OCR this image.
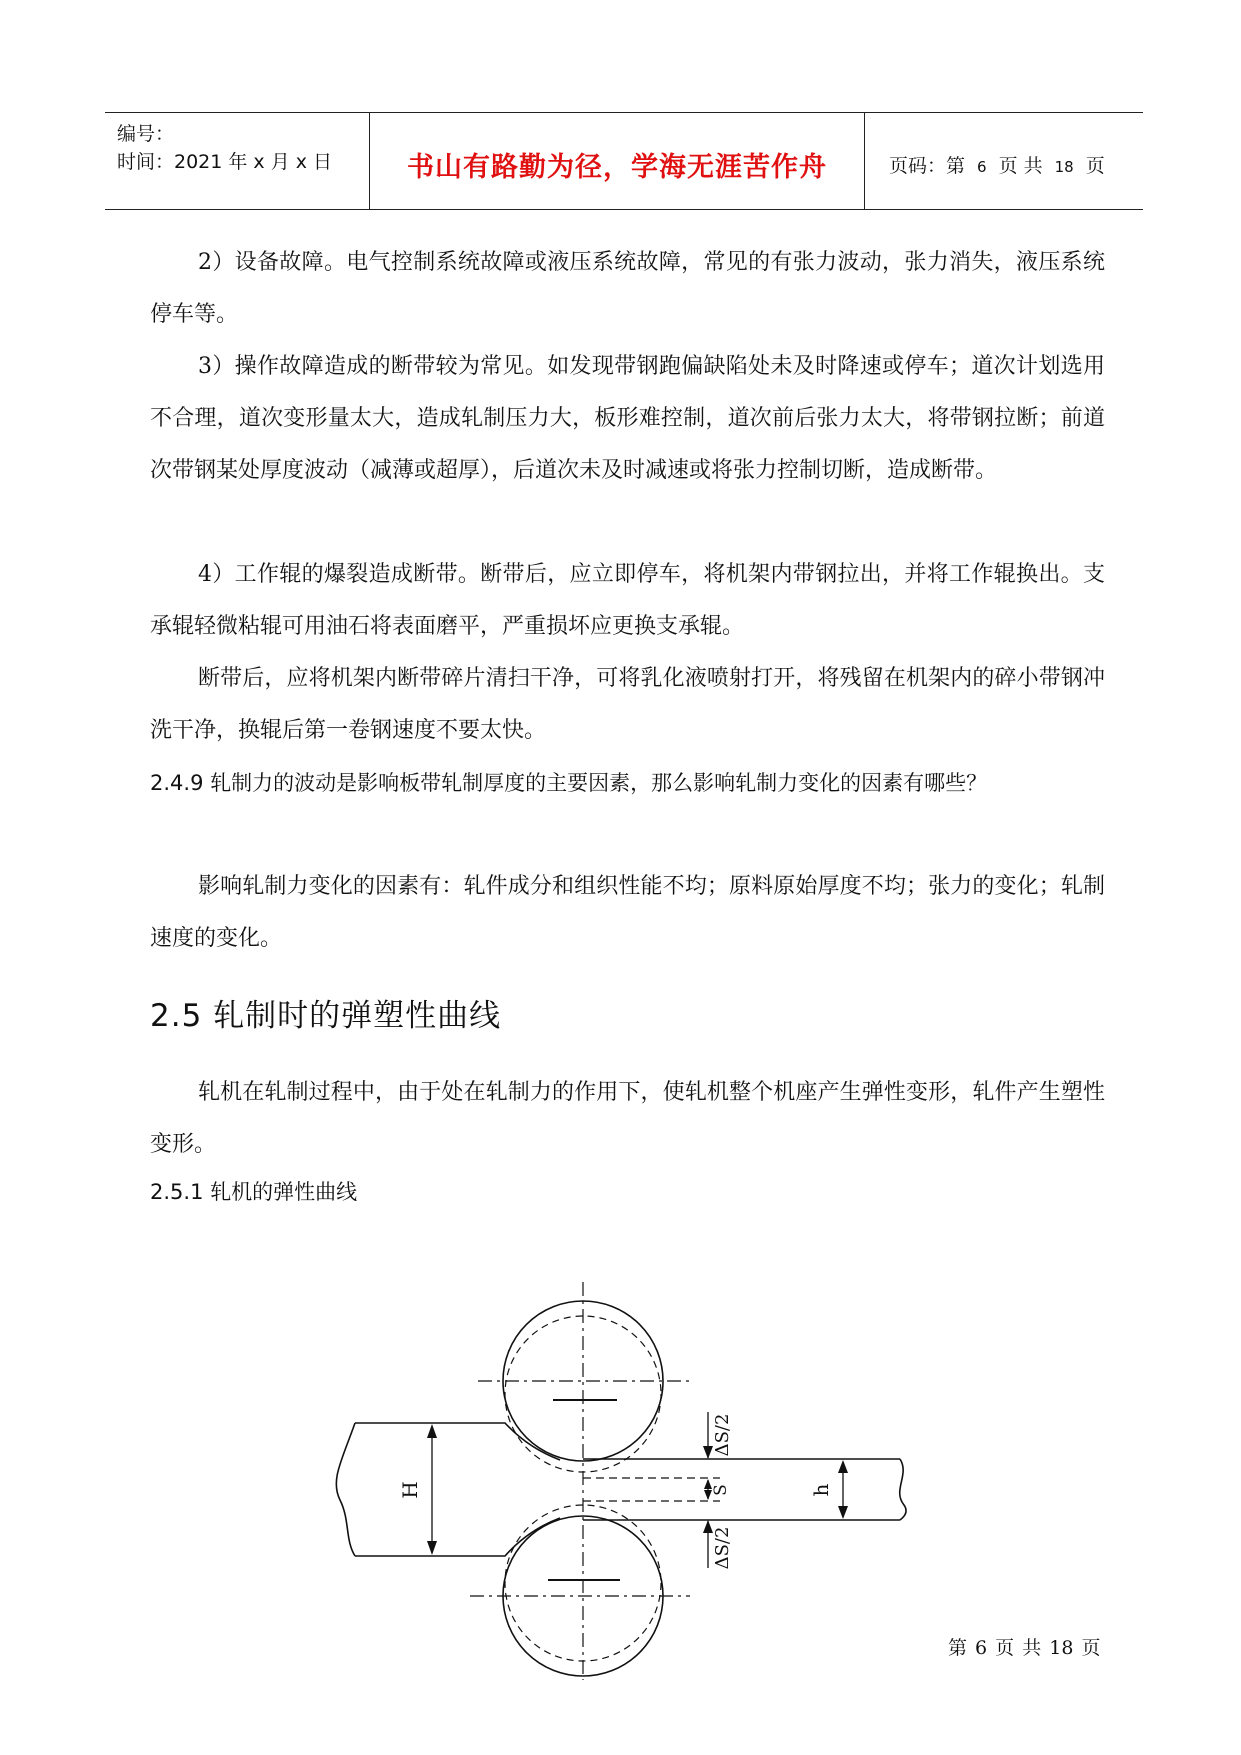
编号：
时间：2021 年 x 月 x 日	书山有路勤为径，学海无涯苦作舟	页码：第 6 页 共 18 页

2）设备故障。电气控制系统故障或液压系统故障，常见的有张力波动，张力消失，液压系统停车等。

3）操作故障造成的断带较为常见。如发现带钢跑偏缺陷处未及时降速或停车；道次计划选用不合理，道次变形量太大，造成轧制压力大，板形难控制，道次前后张力太大，将带钢拉断；前道次带钢某处厚度波动（减薄或超厚），后道次未及时减速或将张力控制切断，造成断带。

4）工作辊的爆裂造成断带。断带后，应立即停车，将机架内带钢拉出，并将工作辊换出。支承辊轻微粘辊可用油石将表面磨平，严重损坏应更换支承辊。

断带后，应将机架内断带碎片清扫干净，可将乳化液喷射打开，将残留在机架内的碎小带钢冲洗干净，换辊后第一卷钢速度不要太快。

2.4.9 轧制力的波动是影响板带轧制厚度的主要因素，那么影响轧制力变化的因素有哪些？

影响轧制力变化的因素有：轧件成分和组织性能不均；原料原始厚度不均；张力的变化；轧制速度的变化。

2.5 轧制时的弹塑性曲线

轧机在轧制过程中，由于处在轧制力的作用下，使轧机整个机座产生弹性变形，轧件产生塑性变形。

2.5.1 轧机的弹性曲线
H	h
S
ΔS/2
ΔS/2
第 6 页 共 18 页
